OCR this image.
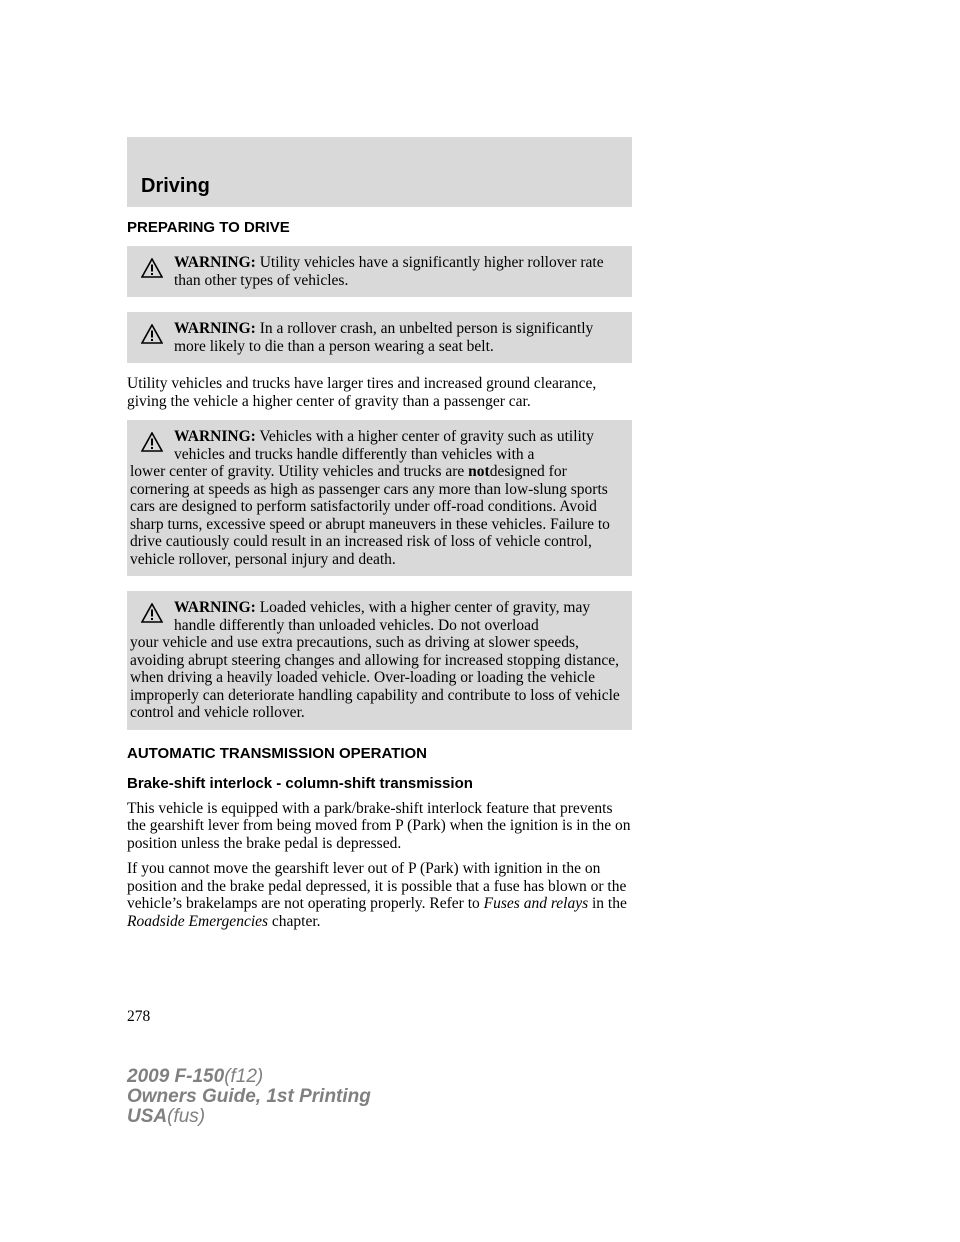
Driving

PREPARING TO DRIVE

WARNING: Utility vehicles have a significantly higher rollover rate than other types of vehicles.
WARNING: In a rollover crash, an unbelted person is significantly more likely to die than a person wearing a seat belt.

Utility vehicles and trucks have larger tires and increased ground clearance, giving the vehicle a higher center of gravity than a passenger car.

WARNING: Vehicles with a higher center of gravity such as utility vehicles and trucks handle differently than vehicles with a
lower center of gravity. Utility vehicles and trucks are notdesigned for cornering at speeds as high as passenger cars any more than low-slung sports cars are designed to perform satisfactorily under off-road conditions. Avoid sharp turns, excessive speed or abrupt maneuvers in these vehicles. Failure to drive cautiously could result in an increased risk of loss of vehicle control, vehicle rollover, personal injury and death.
WARNING: Loaded vehicles, with a higher center of gravity, may handle differently than unloaded vehicles. Do not overload
your vehicle and use extra precautions, such as driving at slower speeds, avoiding abrupt steering changes and allowing for increased stopping distance, when driving a heavily loaded vehicle. Over-loading or loading the vehicle improperly can deteriorate handling capability and contribute to loss of vehicle control and vehicle rollover.

AUTOMATIC TRANSMISSION OPERATION

Brake-shift interlock - column-shift transmission

This vehicle is equipped with a park/brake-shift interlock feature that prevents the gearshift lever from being moved from P (Park) when the ignition is in the on position unless the brake pedal is depressed.

If you cannot move the gearshift lever out of P (Park) with ignition in the on position and the brake pedal depressed, it is possible that a fuse has blown or the vehicle’s brakelamps are not operating properly. Refer to Fuses and relays in the Roadside Emergencies chapter.

278
2009 F-150(f12)
Owners Guide, 1st Printing
USA(fus)
